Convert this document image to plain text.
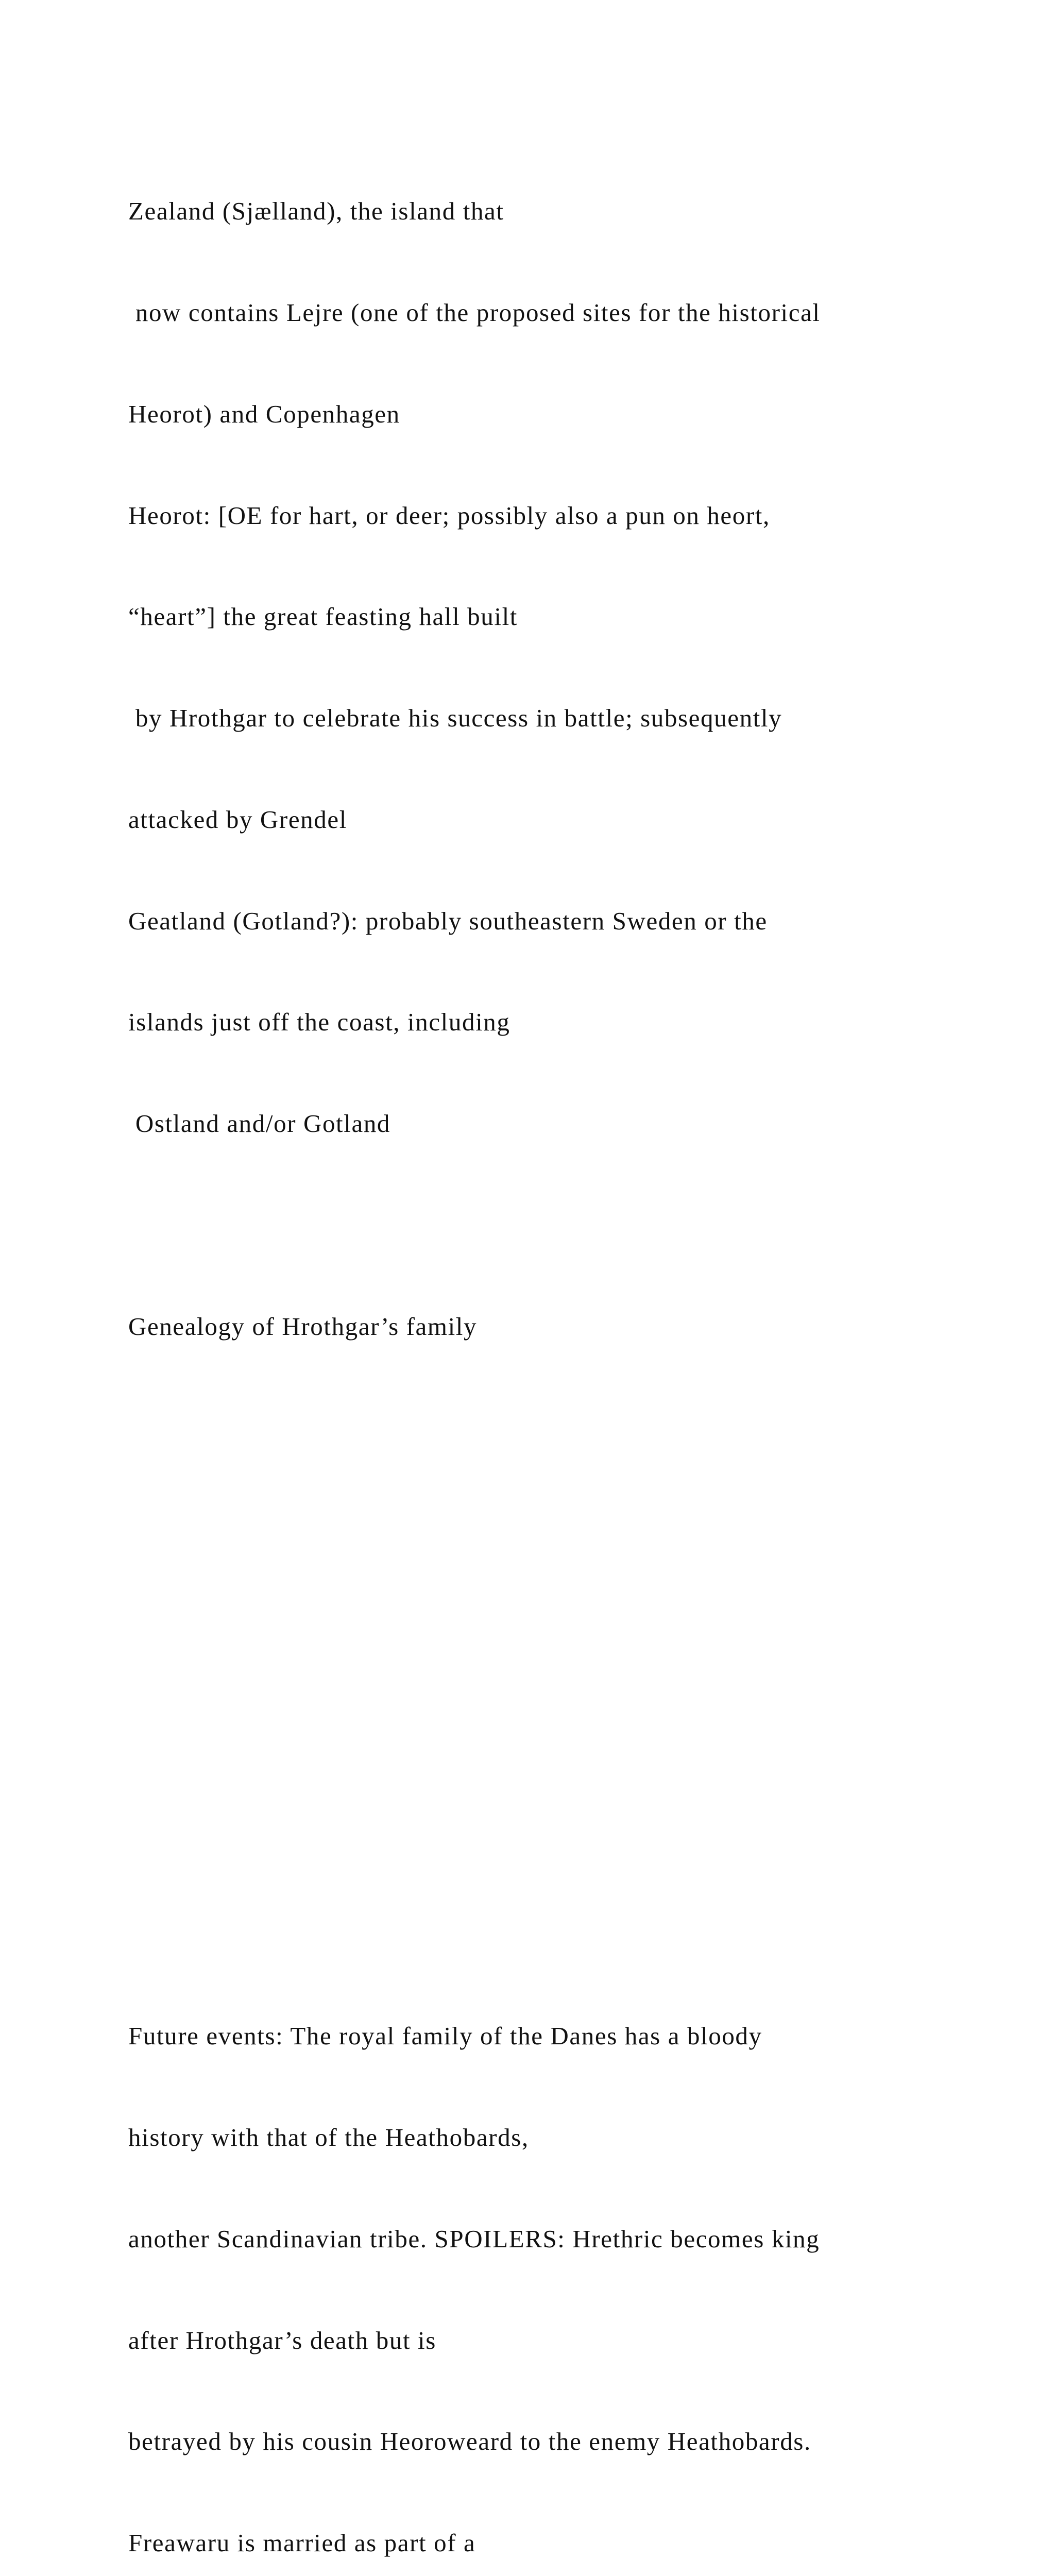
Zealand (Sjælland), the island that

now contains Lejre (one of the proposed sites for the historical

Heorot) and Copenhagen

Heorot: [OE for hart, or deer; possibly also a pun on heort,

“heart”] the great feasting hall built

by Hrothgar to celebrate his success in battle; subsequently

attacked by Grendel

Geatland (Gotland?): probably southeastern Sweden or the

islands just off the coast, including

Ostland and/or Gotland

Genealogy of Hrothgar’s family

Future events: The royal family of the Danes has a bloody

history with that of the Heathobards,

another Scandinavian tribe. SPOILERS: Hrethric becomes king

after Hrothgar’s death but is

betrayed by his cousin Heoroweard to the enemy Heathobards.

Freawaru is married as part of a
